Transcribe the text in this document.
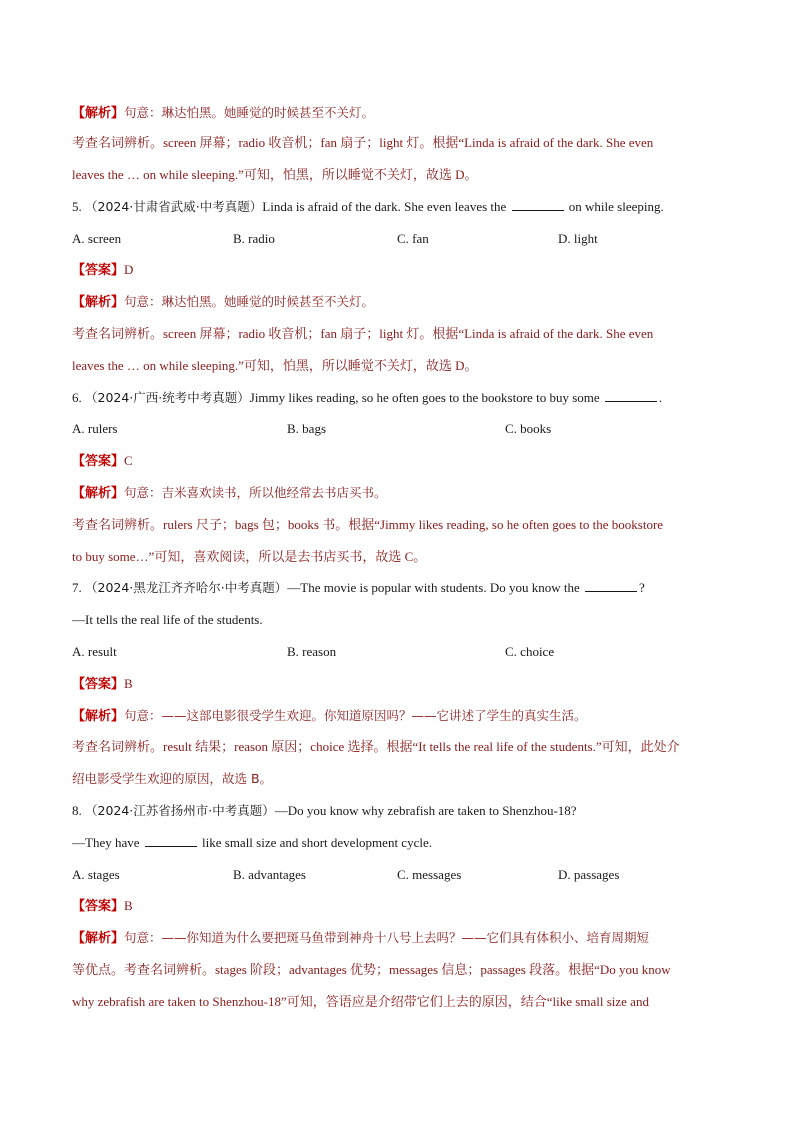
【解析】句意：琳达怕黑。她睡觉的时候甚至不关灯。
考查名词辨析。screen 屏幕；radio 收音机；fan 扇子；light 灯。根据“Linda is afraid of the dark. She even
leaves the … on while sleeping.”可知，怕黑，所以睡觉不关灯，故选 D。
5. （2024·甘肃省武威·中考真题）Linda is afraid of the dark. She even leaves the	on while sleeping.
A. screen	B. radio	C. fan	D. light
【答案】D
【解析】句意：琳达怕黑。她睡觉的时候甚至不关灯。
考查名词辨析。screen 屏幕；radio 收音机；fan 扇子；light 灯。根据“Linda is afraid of the dark. She even
leaves the … on while sleeping.”可知，怕黑，所以睡觉不关灯，故选 D。
6. （2024·广西·统考中考真题）Jimmy likes reading, so he often goes to the bookstore to buy some	.
A. rulers	B. bags	C. books
【答案】C
【解析】句意：吉米喜欢读书，所以他经常去书店买书。
考查名词辨析。rulers 尺子；bags 包；books 书。根据“Jimmy likes reading, so he often goes to the bookstore
to buy some…”可知，喜欢阅读，所以是去书店买书，故选 C。
7. （2024·黑龙江齐齐哈尔·中考真题）—The movie is popular with students. Do you know the	?
—It tells the real life of the students.
A. result	B. reason	C. choice
【答案】B
【解析】句意：——这部电影很受学生欢迎。你知道原因吗？——它讲述了学生的真实生活。
考查名词辨析。result 结果；reason 原因；choice 选择。根据“It tells the real life of the students.”可知，此处介
绍电影受学生欢迎的原因，故选 B。
8. （2024·江苏省扬州市·中考真题）—Do you know why zebrafish are taken to Shenzhou-18?
—They have	like small size and short development cycle.
A. stages	B. advantages	C. messages	D. passages
【答案】B
【解析】句意：——你知道为什么要把斑马鱼带到神舟十八号上去吗？——它们具有体积小、培育周期短
等优点。考查名词辨析。stages 阶段；advantages 优势；messages 信息；passages 段落。根据“Do you know
why zebrafish are taken to Shenzhou-18”可知，答语应是介绍带它们上去的原因，结合“like small size and
